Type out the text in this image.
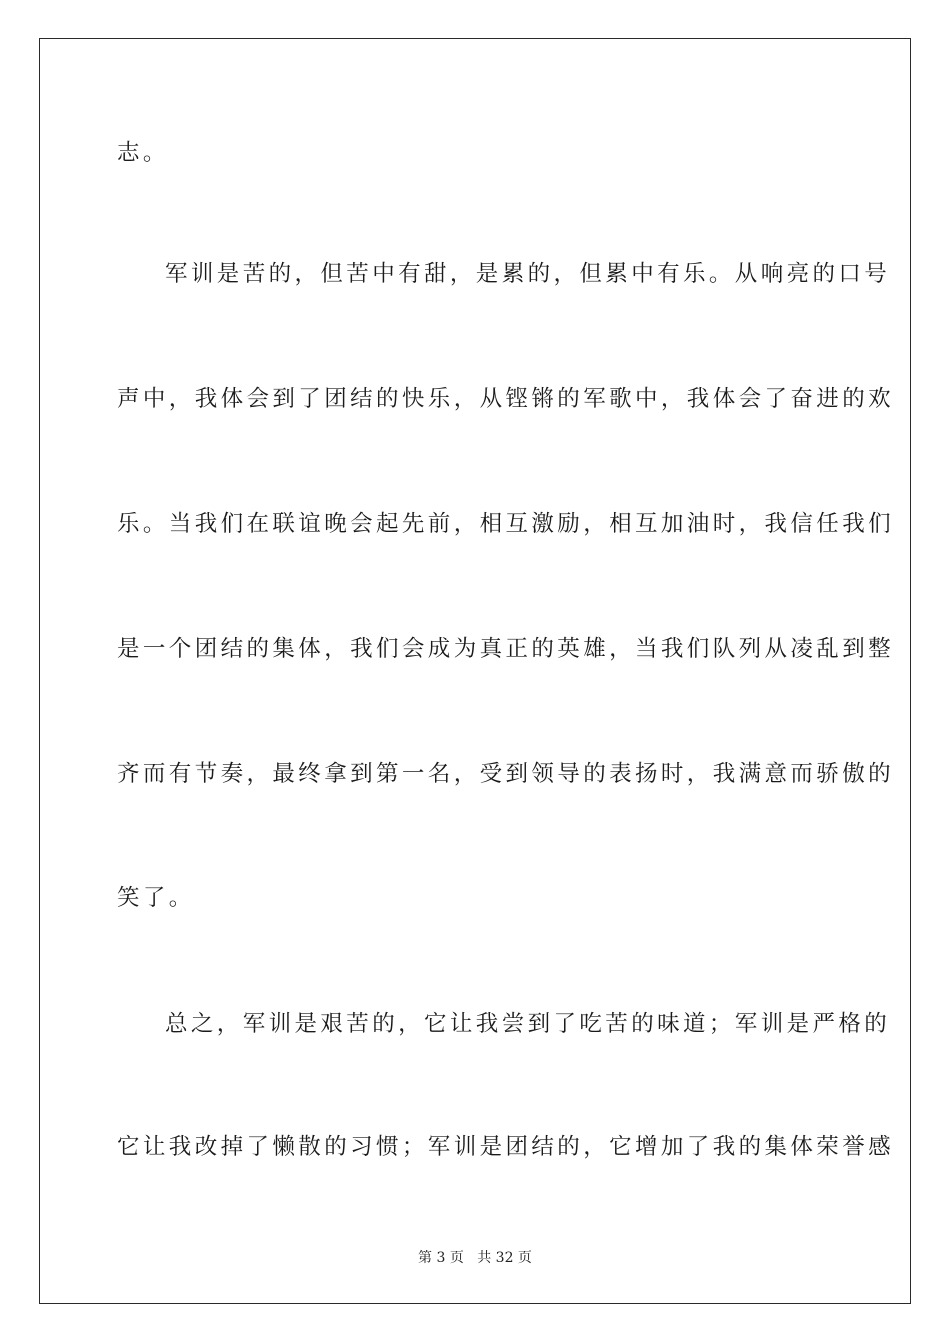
志。
军训是苦的，但苦中有甜，是累的，但累中有乐。从响亮的口号
声中，我体会到了团结的快乐，从铿锵的军歌中，我体会了奋进的欢
乐。当我们在联谊晚会起先前，相互激励，相互加油时，我信任我们
是一个团结的集体，我们会成为真正的英雄，当我们队列从凌乱到整
齐而有节奏，最终拿到第一名，受到领导的表扬时，我满意而骄傲的
笑了。
总之，军训是艰苦的，它让我尝到了吃苦的味道；军训是严格的
它让我改掉了懒散的习惯；军训是团结的，它增加了我的集体荣誉感
第 3 页 共 32 页
